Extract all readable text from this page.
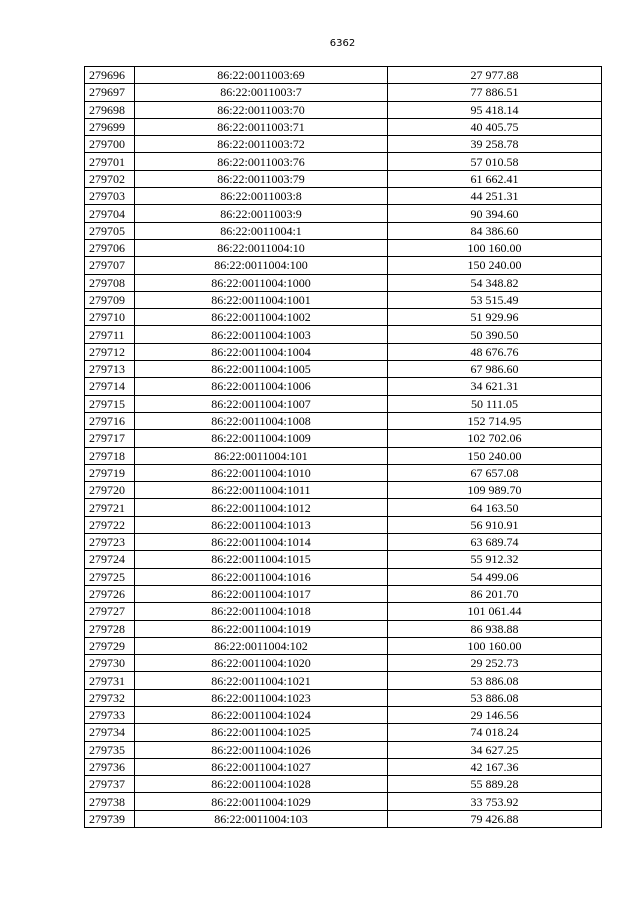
6362
279696	86:22:0011003:69	27 977.88
279697	86:22:0011003:7	77 886.51
279698	86:22:0011003:70	95 418.14
279699	86:22:0011003:71	40 405.75
279700	86:22:0011003:72	39 258.78
279701	86:22:0011003:76	57 010.58
279702	86:22:0011003:79	61 662.41
279703	86:22:0011003:8	44 251.31
279704	86:22:0011003:9	90 394.60
279705	86:22:0011004:1	84 386.60
279706	86:22:0011004:10	100 160.00
279707	86:22:0011004:100	150 240.00
279708	86:22:0011004:1000	54 348.82
279709	86:22:0011004:1001	53 515.49
279710	86:22:0011004:1002	51 929.96
279711	86:22:0011004:1003	50 390.50
279712	86:22:0011004:1004	48 676.76
279713	86:22:0011004:1005	67 986.60
279714	86:22:0011004:1006	34 621.31
279715	86:22:0011004:1007	50 111.05
279716	86:22:0011004:1008	152 714.95
279717	86:22:0011004:1009	102 702.06
279718	86:22:0011004:101	150 240.00
279719	86:22:0011004:1010	67 657.08
279720	86:22:0011004:1011	109 989.70
279721	86:22:0011004:1012	64 163.50
279722	86:22:0011004:1013	56 910.91
279723	86:22:0011004:1014	63 689.74
279724	86:22:0011004:1015	55 912.32
279725	86:22:0011004:1016	54 499.06
279726	86:22:0011004:1017	86 201.70
279727	86:22:0011004:1018	101 061.44
279728	86:22:0011004:1019	86 938.88
279729	86:22:0011004:102	100 160.00
279730	86:22:0011004:1020	29 252.73
279731	86:22:0011004:1021	53 886.08
279732	86:22:0011004:1023	53 886.08
279733	86:22:0011004:1024	29 146.56
279734	86:22:0011004:1025	74 018.24
279735	86:22:0011004:1026	34 627.25
279736	86:22:0011004:1027	42 167.36
279737	86:22:0011004:1028	55 889.28
279738	86:22:0011004:1029	33 753.92
279739	86:22:0011004:103	79 426.88
